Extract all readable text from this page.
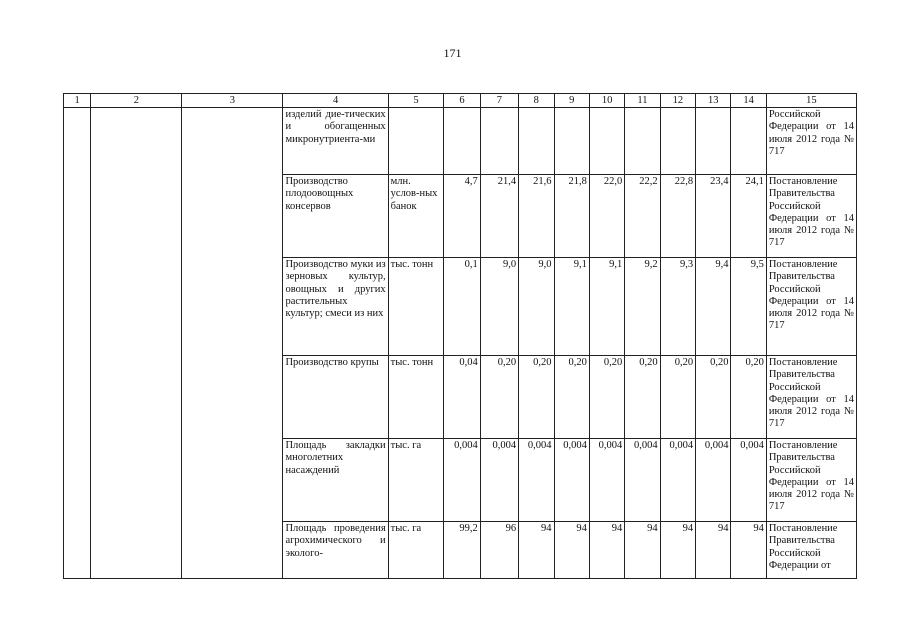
171
1	2	3	4	5	6	7	8	9	10	11	12	13	14	15
			изделий дие-тических и обогащенных микронутриента-ми											Российской Федерации от 14 июля 2012 года № 717
			Производство плодоовощных консервов	млн. услов-ных банок	4,7	21,4	21,6	21,8	22,0	22,2	22,8	23,4	24,1	Постановление Правительства Российской Федерации от 14 июля 2012 года № 717
			Производство муки из зерновых культур, овощных и других растительных культур; смеси из них	тыс. тонн	0,1	9,0	9,0	9,1	9,1	9,2	9,3	9,4	9,5	Постановление Правительства Российской Федерации от 14 июля 2012 года № 717
			Производство крупы	тыс. тонн	0,04	0,20	0,20	0,20	0,20	0,20	0,20	0,20	0,20	Постановление Правительства Российской Федерации от 14 июля 2012 года № 717
			Площадь закладки многолетних насаждений	тыс. га	0,004	0,004	0,004	0,004	0,004	0,004	0,004	0,004	0,004	Постановление Правительства Российской Федерации от 14 июля 2012 года № 717
			Площадь проведения агрохимического и эколого-	тыс. га	99,2	96	94	94	94	94	94	94	94	Постановление Правительства Российской Федерации от
